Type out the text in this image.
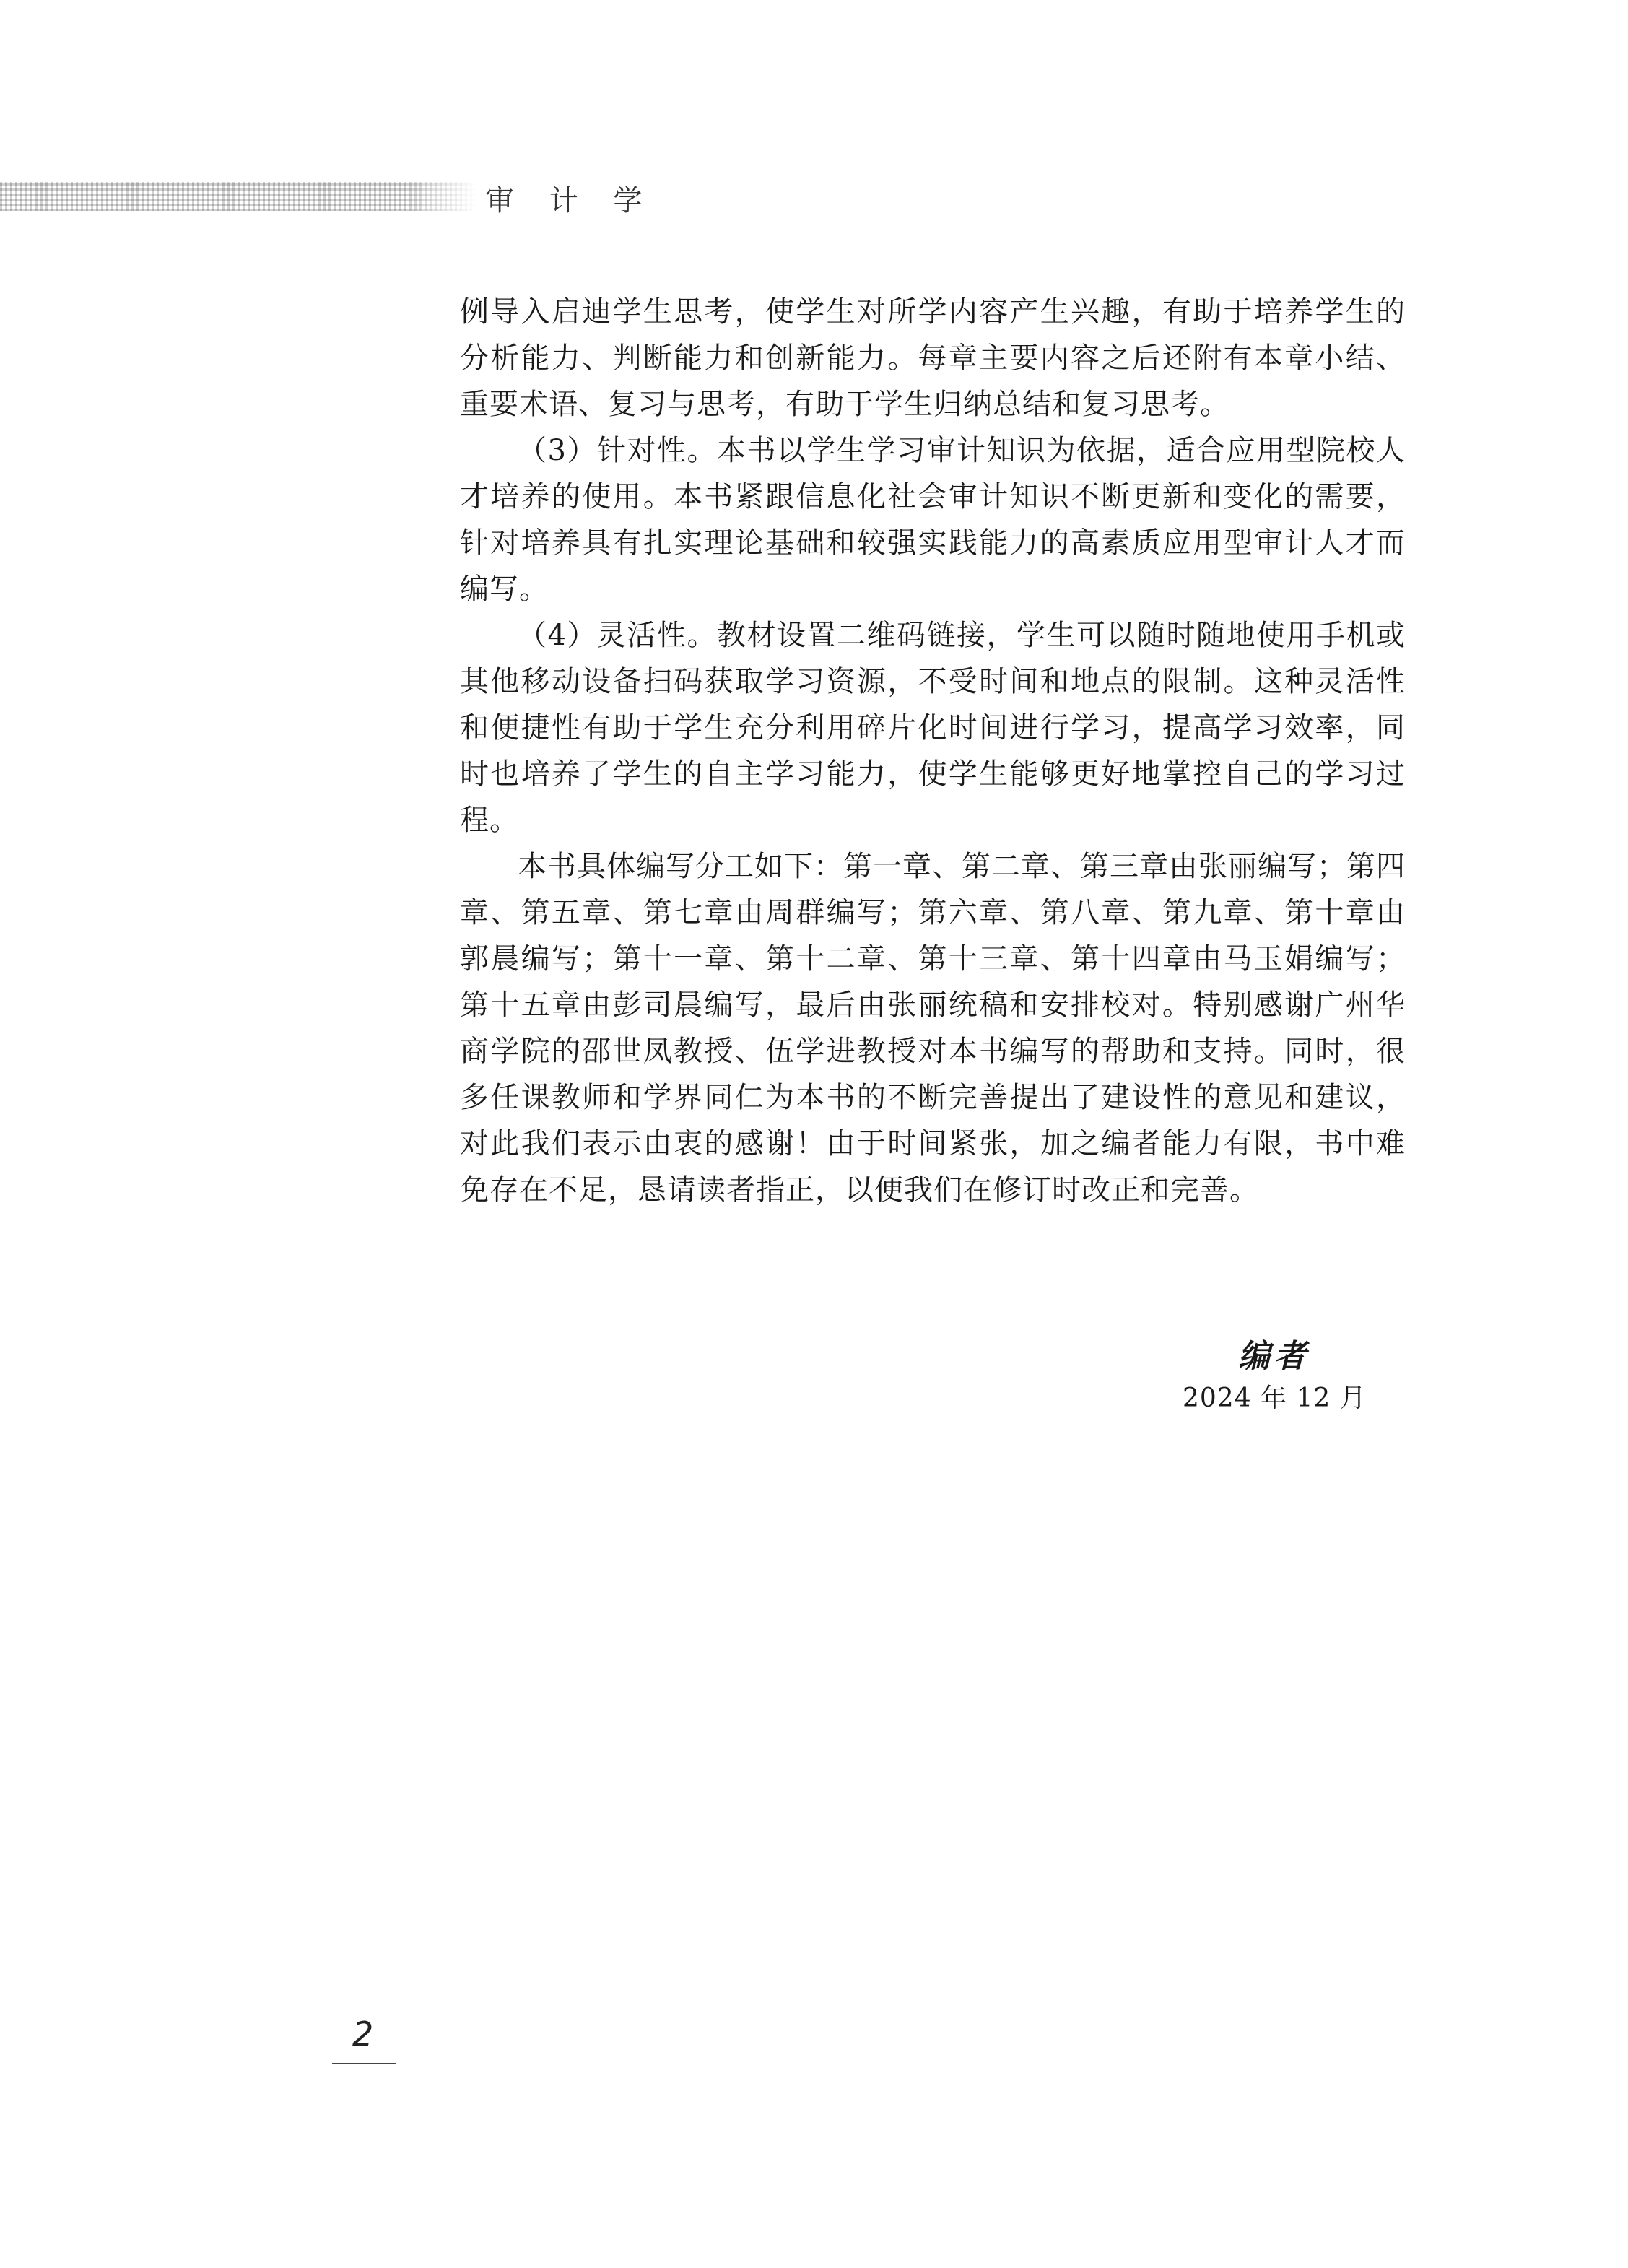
审 计 学

例导入启迪学生思考，使学生对所学内容产生兴趣，有助于培养学生的分析能力、判断能力和创新能力。每章主要内容之后还附有本章小结、重要术语、复习与思考，有助于学生归纳总结和复习思考。

（3）针对性。本书以学生学习审计知识为依据，适合应用型院校人才培养的使用。本书紧跟信息化社会审计知识不断更新和变化的需要，针对培养具有扎实理论基础和较强实践能力的高素质应用型审计人才而编写。

（4）灵活性。教材设置二维码链接，学生可以随时随地使用手机或其他移动设备扫码获取学习资源，不受时间和地点的限制。这种灵活性和便捷性有助于学生充分利用碎片化时间进行学习，提高学习效率，同时也培养了学生的自主学习能力，使学生能够更好地掌控自己的学习过程。

本书具体编写分工如下：第一章、第二章、第三章由张丽编写；第四章、第五章、第七章由周群编写；第六章、第八章、第九章、第十章由郭晨编写；第十一章、第十二章、第十三章、第十四章由马玉娟编写；第十五章由彭司晨编写，最后由张丽统稿和安排校对。特别感谢广州华商学院的邵世凤教授、伍学进教授对本书编写的帮助和支持。同时，很多任课教师和学界同仁为本书的不断完善提出了建设性的意见和建议，对此我们表示由衷的感谢！由于时间紧张，加之编者能力有限，书中难免存在不足，恳请读者指正，以便我们在修订时改正和完善。

编者
2024 年 12 月
2
